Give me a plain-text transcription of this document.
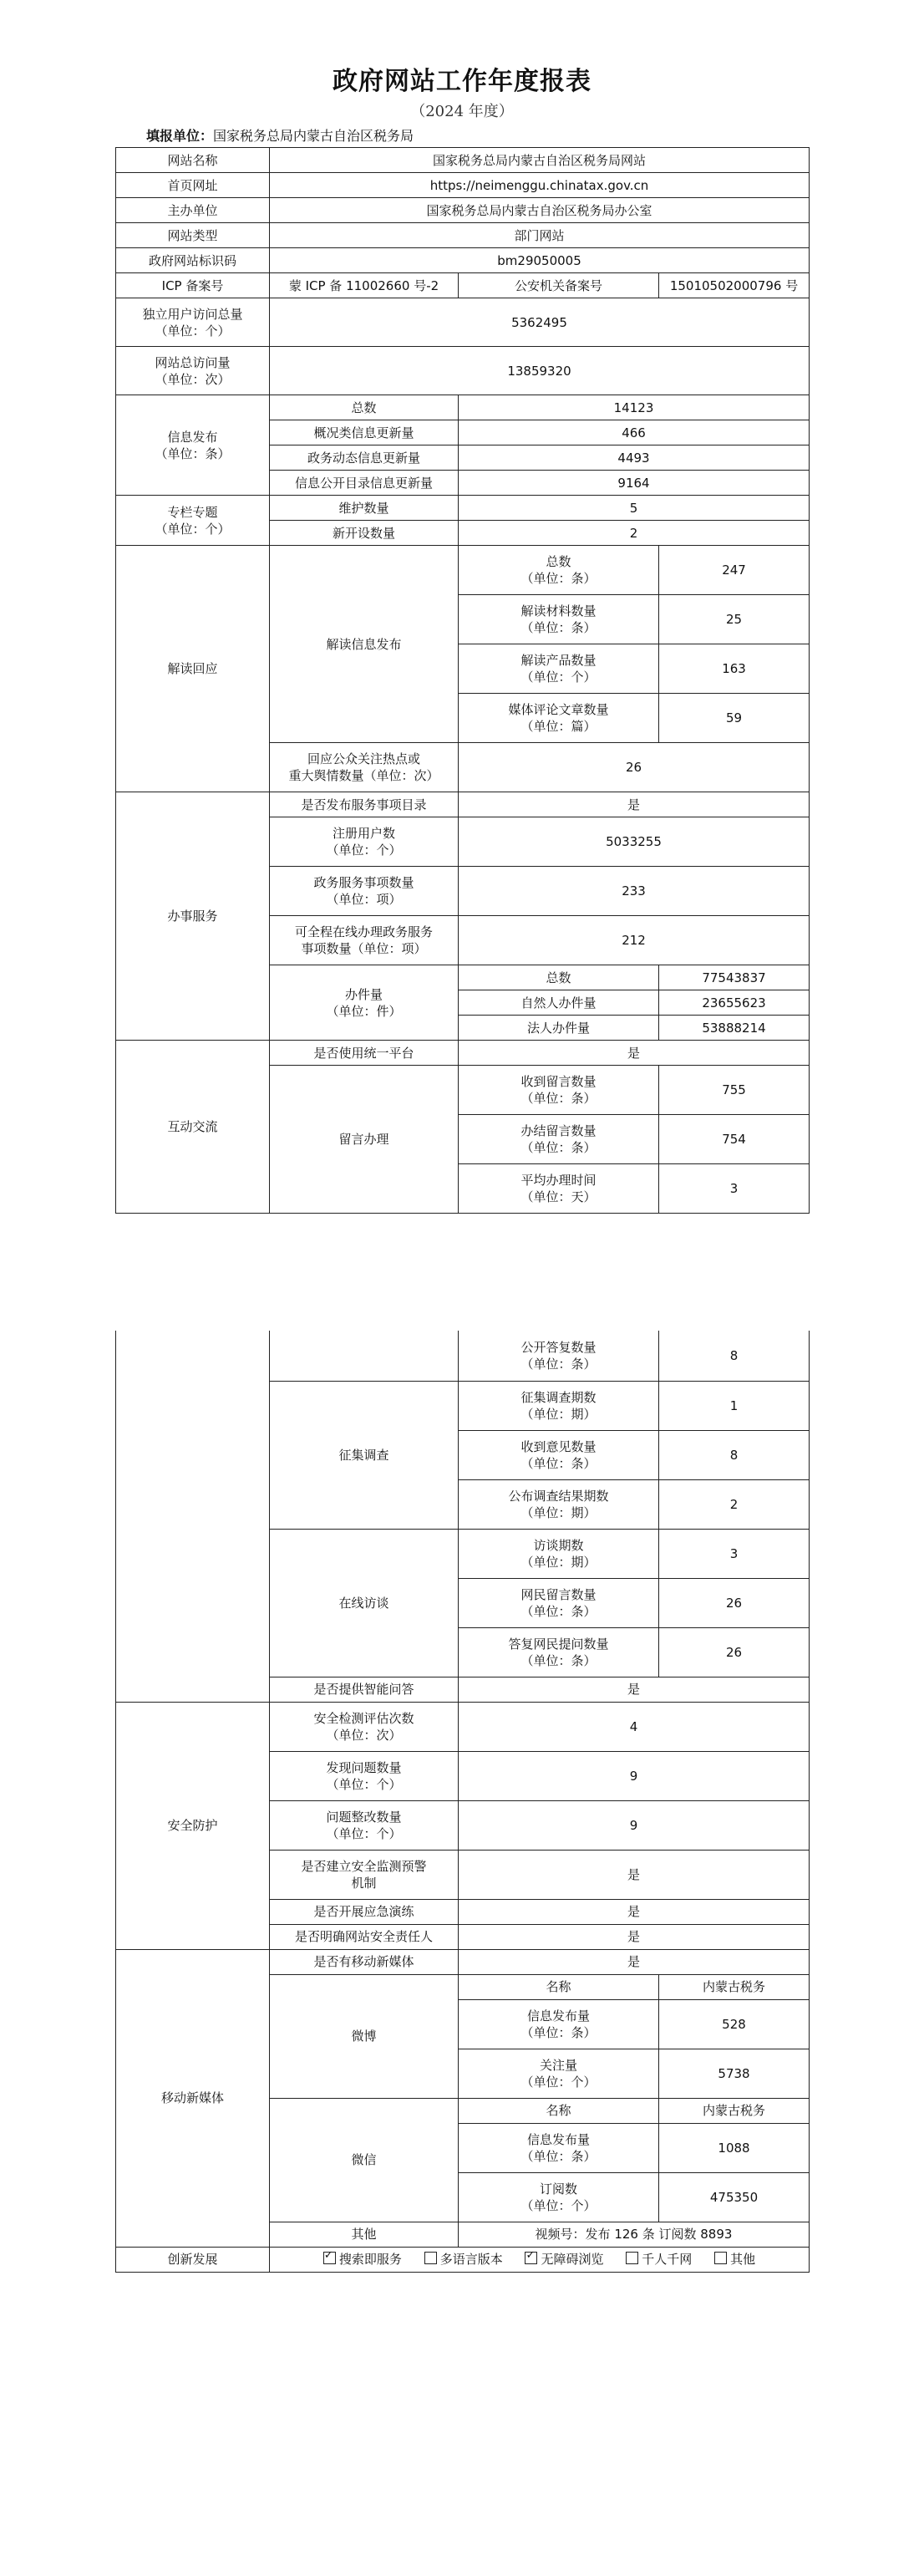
政府网站工作年度报表
（2024 年度）
填报单位：国家税务总局内蒙古自治区税务局
网站名称	国家税务总局内蒙古自治区税务局网站		
首页网址	https://neimenggu.chinatax.gov.cn		
主办单位	国家税务总局内蒙古自治区税务局办公室		
网站类型	部门网站		
政府网站标识码	bm29050005		
ICP 备案号	蒙 ICP 备 11002660 号-2	公安机关备案号	15010502000796 号
独立用户访问总量
（单位：个）	5362495		
网站总访问量
（单位：次）	13859320		
信息发布
（单位：条）	总数	14123	
	概况类信息更新量	466	
	政务动态信息更新量	4493	
	信息公开目录信息更新量	9164	
专栏专题
（单位：个）	维护数量	5	
	新开设数量	2	
解读回应	解读信息发布	总数
（单位：条）	247
		解读材料数量
（单位：条）	25
		解读产品数量
（单位：个）	163
		媒体评论文章数量
（单位：篇）	59
	回应公众关注热点或
重大舆情数量（单位：次）	26	
办事服务	是否发布服务事项目录	是	
	注册用户数
（单位：个）	5033255	
	政务服务事项数量
（单位：项）	233	
	可全程在线办理政务服务
事项数量（单位：项）	212	
	办件量
（单位：件）	总数	77543837
		自然人办件量	23655623
		法人办件量	53888214
互动交流	是否使用统一平台	是	
	留言办理	收到留言数量
（单位：条）	755
		办结留言数量
（单位：条）	754
		平均办理时间
（单位：天）	3
		公开答复数量
（单位：条）	8
	征集调查	征集调查期数
（单位：期）	1
		收到意见数量
（单位：条）	8
		公布调查结果期数
（单位：期）	2
	在线访谈	访谈期数
（单位：期）	3
		网民留言数量
（单位：条）	26
		答复网民提问数量
（单位：条）	26
	是否提供智能问答	是	
安全防护	安全检测评估次数
（单位：次）	4	
	发现问题数量
（单位：个）	9	
	问题整改数量
（单位：个）	9	
	是否建立安全监测预警
机制	是	
	是否开展应急演练	是	
	是否明确网站安全责任人	是	
移动新媒体	是否有移动新媒体	是	
	微博	名称	内蒙古税务
		信息发布量
（单位：条）	528
		关注量
（单位：个）	5738
	微信	名称	内蒙古税务
		信息发布量
（单位：条）	1088
		订阅数
（单位：个）	475350
	其他	视频号：发布 126 条 订阅数 8893	
创新发展	✓搜索即服务 多语言版本 ✓ 无障碍浏览 千人千网 其他
